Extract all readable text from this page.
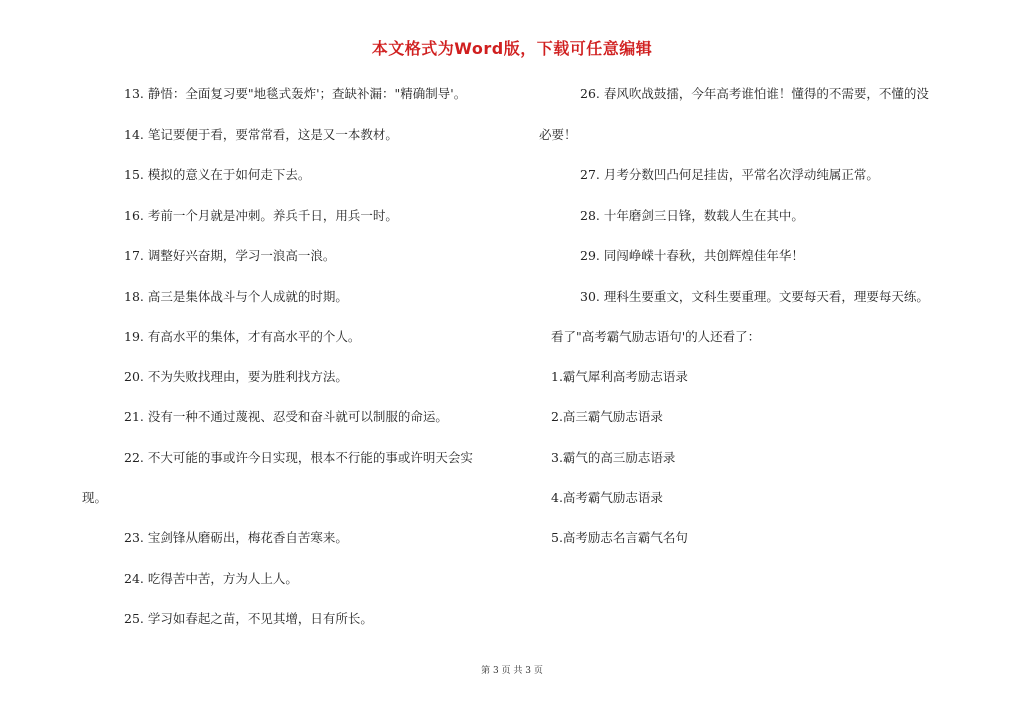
本文格式为Word版，下载可任意编辑
13. 静悟：全面复习要"地毯式轰炸'；查缺补漏："精确制导'。
14. 笔记要便于看，要常常看，这是又一本教材。
15. 模拟的意义在于如何走下去。
16. 考前一个月就是冲刺。养兵千日，用兵一时。
17. 调整好兴奋期，学习一浪高一浪。
18. 高三是集体战斗与个人成就的时期。
19. 有高水平的集体，才有高水平的个人。
20. 不为失败找理由，要为胜利找方法。
21. 没有一种不通过蔑视、忍受和奋斗就可以制服的命运。
22. 不大可能的事或许今日实现，根本不行能的事或许明天会实
现。
23. 宝剑锋从磨砺出，梅花香自苦寒来。
24. 吃得苦中苦，方为人上人。
25. 学习如春起之苗，不见其增，日有所长。
26. 春风吹战鼓擂，今年高考谁怕谁！懂得的不需要，不懂的没
必要！
27. 月考分数凹凸何足挂齿，平常名次浮动纯属正常。
28. 十年磨剑三日锋，数载人生在其中。
29. 同闯峥嵘十春秋，共创辉煌佳年华！
30. 理科生要重文，文科生要重理。文要每天看，理要每天练。
看了"高考霸气励志语句'的人还看了：
1.霸气犀利高考励志语录
2.高三霸气励志语录
3.霸气的高三励志语录
4.高考霸气励志语录
5.高考励志名言霸气名句
第 3 页 共 3 页
